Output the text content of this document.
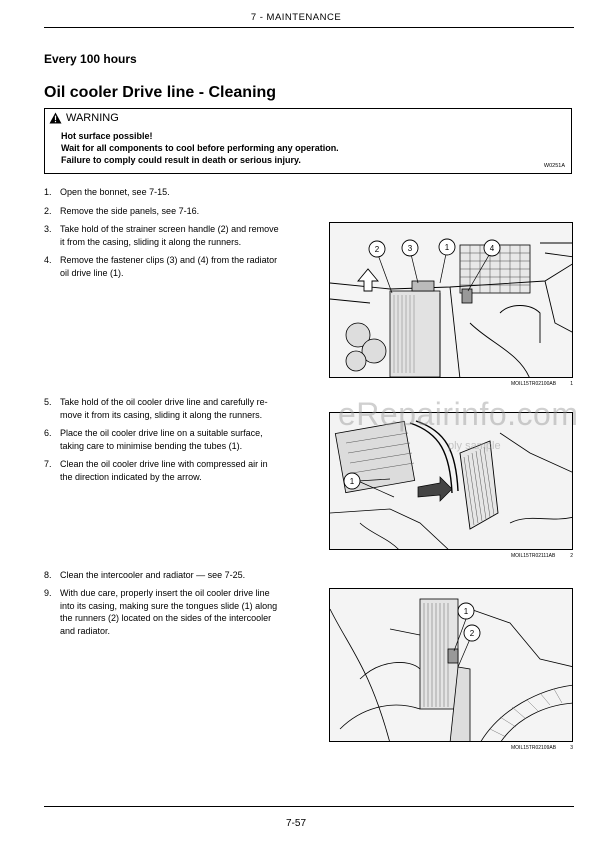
7 - MAINTENANCE
Every 100 hours
Oil cooler Drive line - Cleaning
WARNING
Hot surface possible!
Wait for all components to cool before performing any operation.
Failure to comply could result in death or serious injury.
W0251A
1. Open the bonnet, see 7-15.
2. Remove the side panels, see 7-16.
3. Take hold of the strainer screen handle (2) and remove
it from the casing, sliding it along the runners.
4. Remove the fastener clips (3) and (4) from the radiator
oil drive line (1).
5. Take hold of the oil cooler drive line and carefully re-
move it from its casing, sliding it along the runners.
6. Place the oil cooler drive line on a suitable surface,
taking care to minimise bending the tubes (1).
7. Clean the oil cooler drive line with compressed air in
the direction indicated by the arrow.
8. Clean the intercooler and radiator — see 7-25.
9. With due care, properly insert the oil cooler drive line
into its casing, making sure the tongues slide (1) along
the runners (2) located on the sides of the intercooler
and radiator.
2	3	1	4
MOIL15TR02100AB	1
1
MOIL15TR02111AB	2
1
2
MOIL15TR02109AB	3
eRepairinfo.com
ply sample
7-57
